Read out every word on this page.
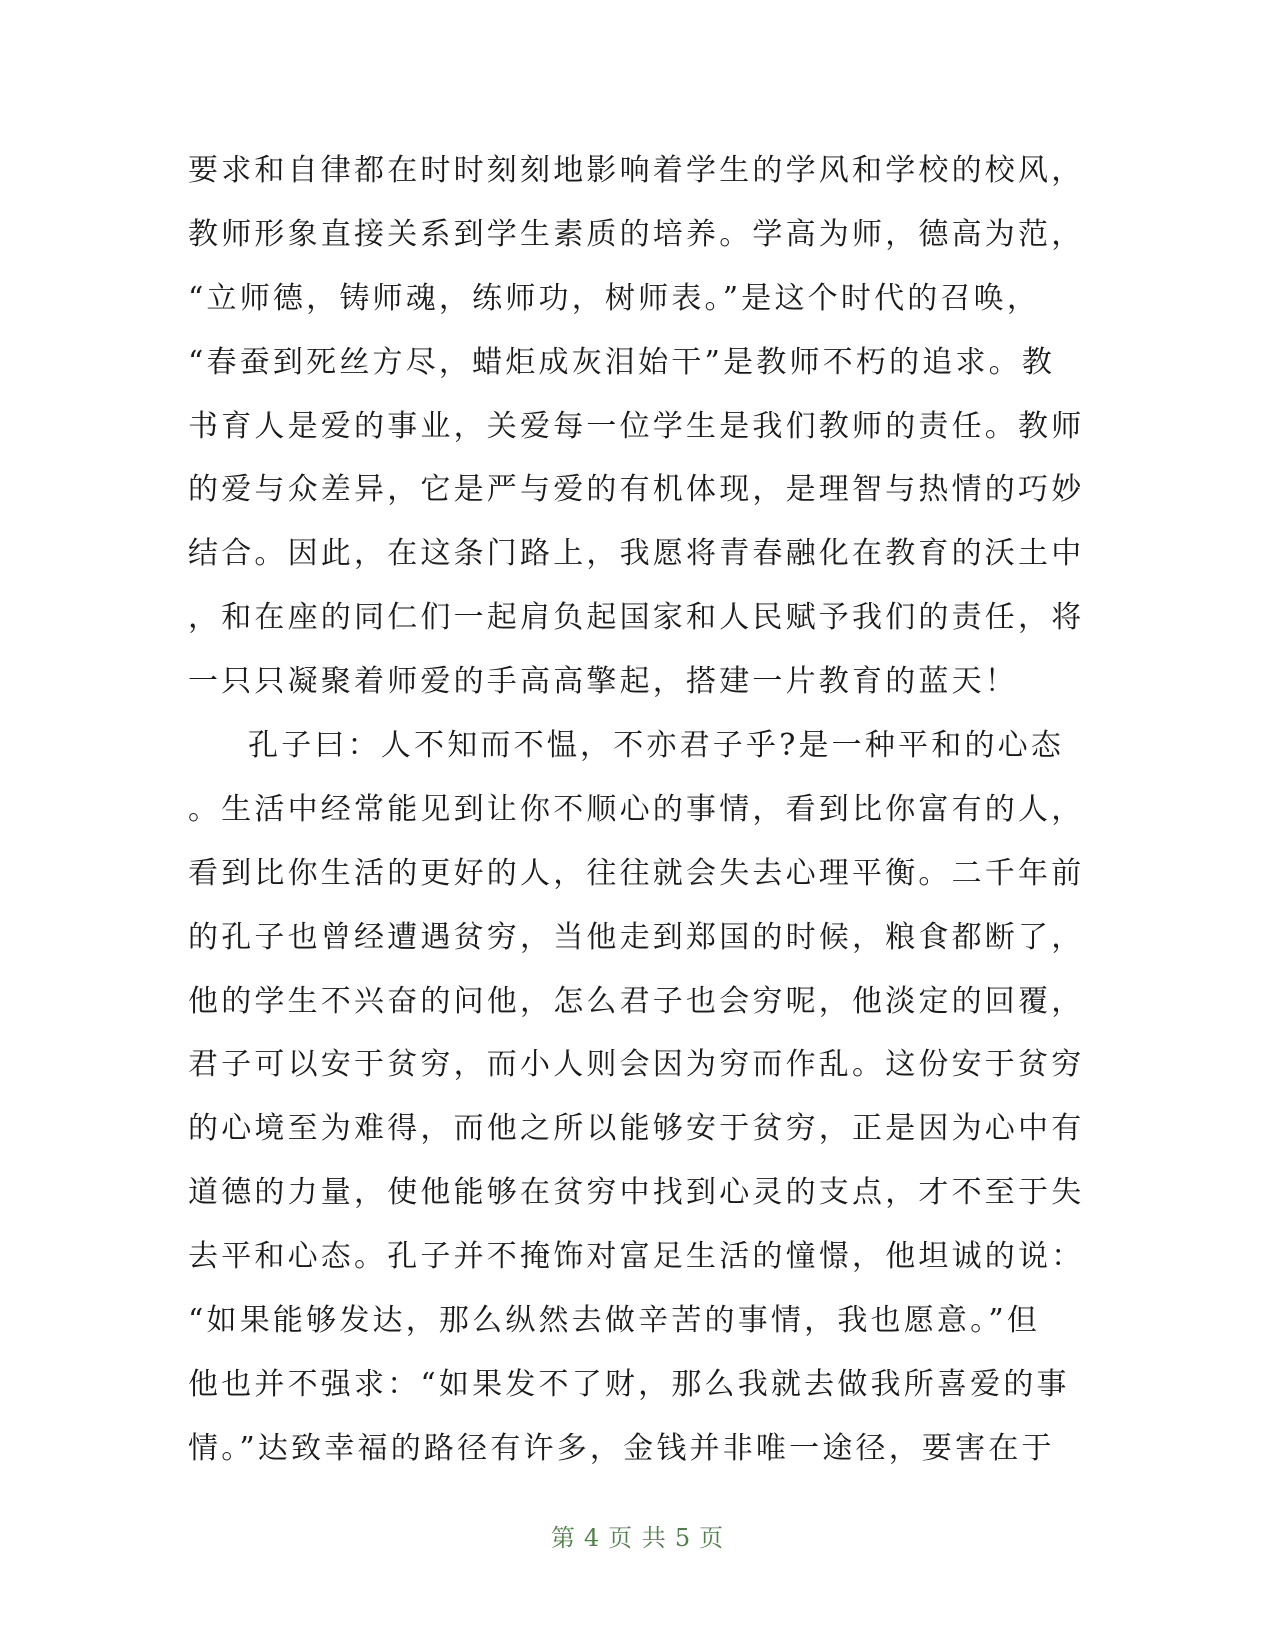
要求和自律都在时时刻刻地影响着学生的学风和学校的校风，
教师形象直接关系到学生素质的培养。学高为师，德高为范，
“立师德，铸师魂，练师功，树师表。”是这个时代的召唤，
“春蚕到死丝方尽，蜡炬成灰泪始干”是教师不朽的追求。教
书育人是爱的事业，关爱每一位学生是我们教师的责任。教师
的爱与众差异，它是严与爱的有机体现，是理智与热情的巧妙
结合。因此，在这条门路上，我愿将青春融化在教育的沃土中
，和在座的同仁们一起肩负起国家和人民赋予我们的责任，将
一只只凝聚着师爱的手高高擎起，搭建一片教育的蓝天！
孔子曰：人不知而不愠，不亦君子乎?是一种平和的心态
。生活中经常能见到让你不顺心的事情，看到比你富有的人，
看到比你生活的更好的人，往往就会失去心理平衡。二千年前
的孔子也曾经遭遇贫穷，当他走到郑国的时候，粮食都断了，
他的学生不兴奋的问他，怎么君子也会穷呢，他淡定的回覆，
君子可以安于贫穷，而小人则会因为穷而作乱。这份安于贫穷
的心境至为难得，而他之所以能够安于贫穷，正是因为心中有
道德的力量，使他能够在贫穷中找到心灵的支点，才不至于失
去平和心态。孔子并不掩饰对富足生活的憧憬，他坦诚的说：
“如果能够发达，那么纵然去做辛苦的事情，我也愿意。”但
他也并不强求：“如果发不了财，那么我就去做我所喜爱的事
情。”达致幸福的路径有许多，金钱并非唯一途径，要害在于
第 4 页 共 5 页
